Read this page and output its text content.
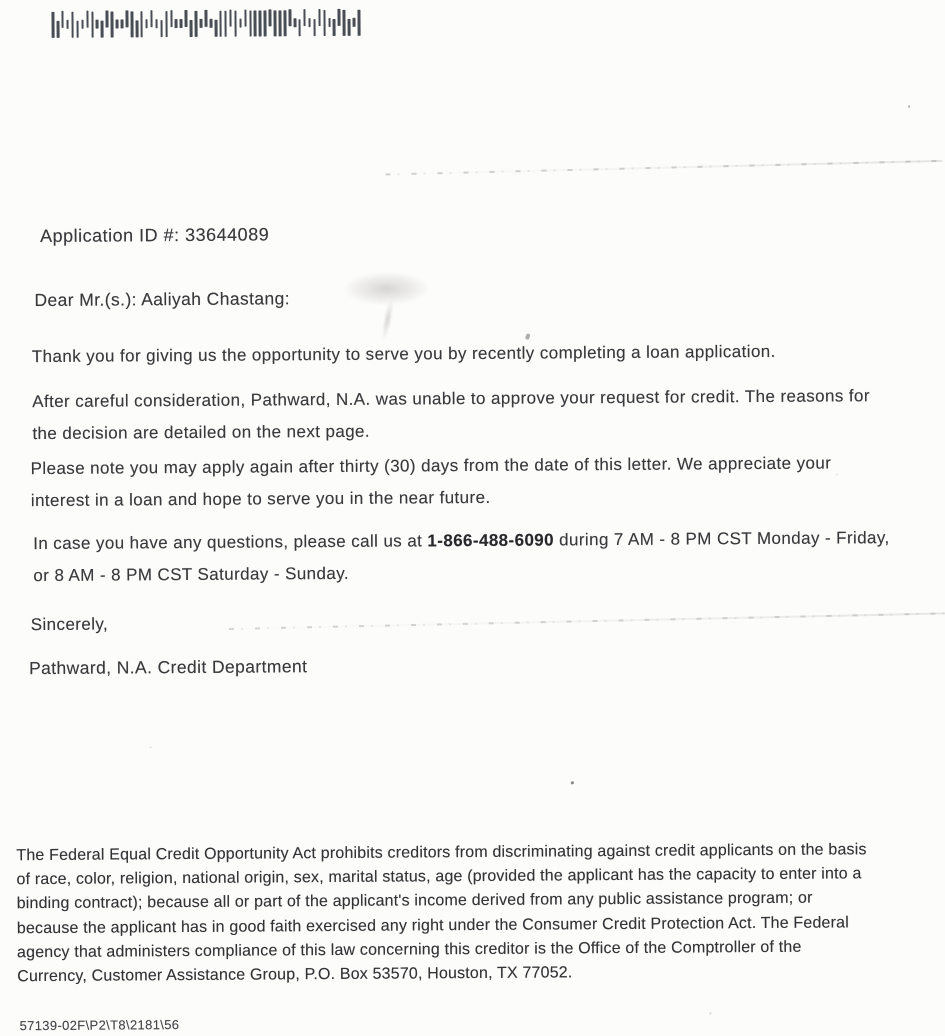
Application ID #: 33644089
Dear Mr.(s.): Aaliyah Chastang:
Thank you for giving us the opportunity to serve you by recently completing a loan application.
After careful consideration, Pathward, N.A. was unable to approve your request for credit. The reasons for
the decision are detailed on the next page.
Please note you may apply again after thirty (30) days from the date of this letter. We appreciate your
interest in a loan and hope to serve you in the near future.
In case you have any questions, please call us at 1-866-488-6090 during 7 AM - 8 PM CST Monday - Friday,
or 8 AM - 8 PM CST Saturday - Sunday.
Sincerely,
Pathward, N.A. Credit Department
The Federal Equal Credit Opportunity Act prohibits creditors from discriminating against credit applicants on the basis
of race, color, religion, national origin, sex, marital status, age (provided the applicant has the capacity to enter into a
binding contract); because all or part of the applicant's income derived from any public assistance program; or
because the applicant has in good faith exercised any right under the Consumer Credit Protection Act. The Federal
agency that administers compliance of this law concerning this creditor is the Office of the Comptroller of the
Currency, Customer Assistance Group, P.O. Box 53570, Houston, TX 77052.
57139-02F\P2\T8\2181\56
